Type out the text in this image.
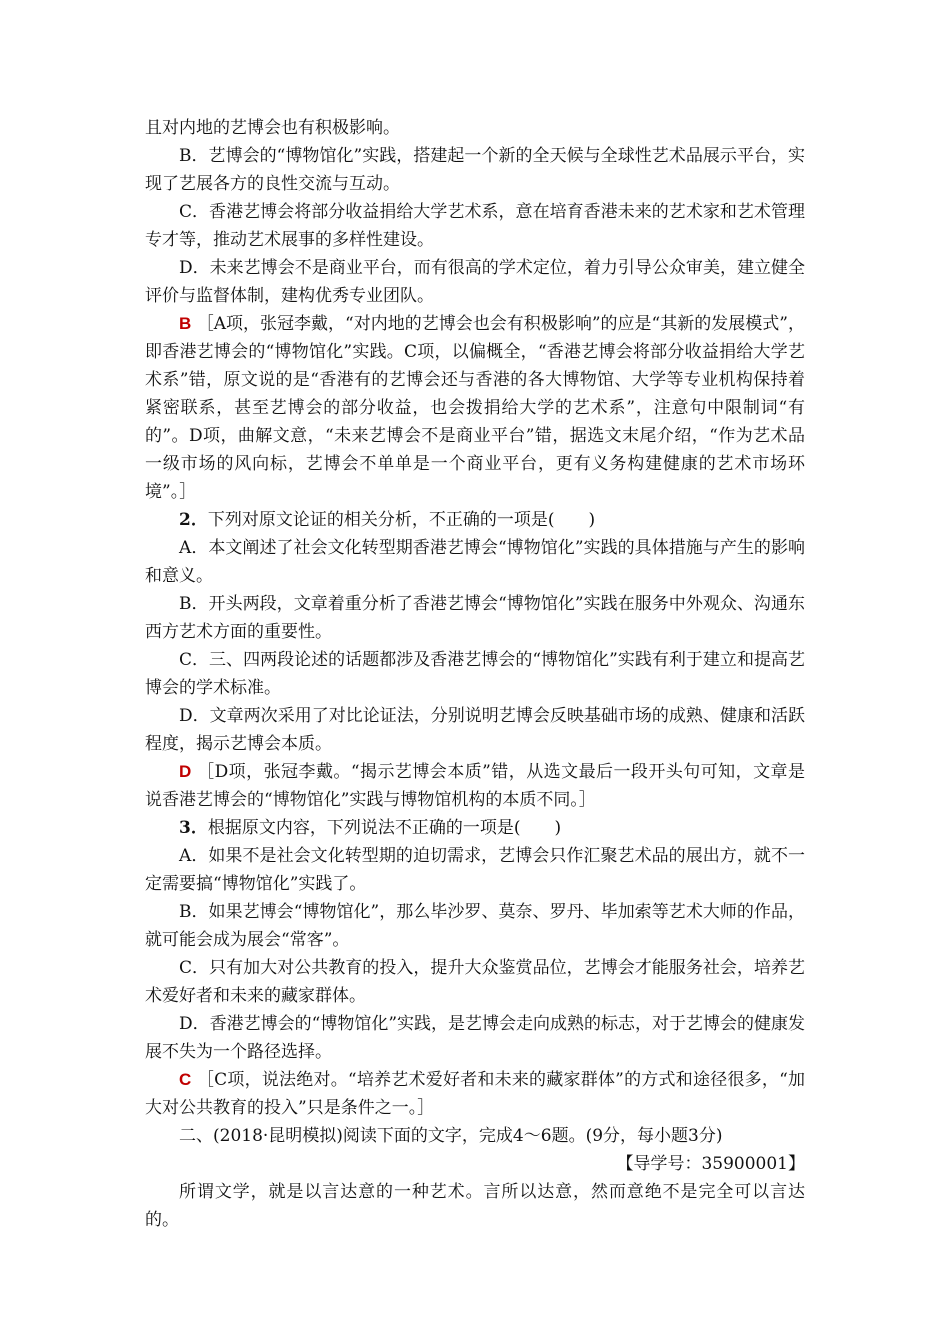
且对内地的艺博会也有积极影响。

B．艺博会的“博物馆化”实践，搭建起一个新的全天候与全球性艺术品展示平台，实现了艺展各方的良性交流与互动。

C．香港艺博会将部分收益捐给大学艺术系，意在培育香港未来的艺术家和艺术管理专才等，推动艺术展事的多样性建设。

D．未来艺博会不是商业平台，而有很高的学术定位，着力引导公众审美，建立健全评价与监督体制，建构优秀专业团队。

B ［A项，张冠李戴，“对内地的艺博会也会有积极影响”的应是“其新的发展模式”，即香港艺博会的“博物馆化”实践。C项，以偏概全，“香港艺博会将部分收益捐给大学艺术系”错，原文说的是“香港有的艺博会还与香港的各大博物馆、大学等专业机构保持着紧密联系，甚至艺博会的部分收益，也会拨捐给大学的艺术系”，注意句中限制词“有的”。D项，曲解文意，“未来艺博会不是商业平台”错，据选文末尾介绍，“作为艺术品一级市场的风向标，艺博会不单单是一个商业平台，更有义务构建健康的艺术市场环境”。］

2．下列对原文论证的相关分析，不正确的一项是(　　)

A．本文阐述了社会文化转型期香港艺博会“博物馆化”实践的具体措施与产生的影响和意义。

B．开头两段，文章着重分析了香港艺博会“博物馆化”实践在服务中外观众、沟通东西方艺术方面的重要性。

C．三、四两段论述的话题都涉及香港艺博会的“博物馆化”实践有利于建立和提高艺博会的学术标准。

D．文章两次采用了对比论证法，分别说明艺博会反映基础市场的成熟、健康和活跃程度，揭示艺博会本质。

D ［D项，张冠李戴。“揭示艺博会本质”错，从选文最后一段开头句可知，文章是说香港艺博会的“博物馆化”实践与博物馆机构的本质不同。］

3．根据原文内容，下列说法不正确的一项是(　　)

A．如果不是社会文化转型期的迫切需求，艺博会只作汇聚艺术品的展出方，就不一定需要搞“博物馆化”实践了。

B．如果艺博会“博物馆化”，那么毕沙罗、莫奈、罗丹、毕加索等艺术大师的作品，就可能会成为展会“常客”。

C．只有加大对公共教育的投入，提升大众鉴赏品位，艺博会才能服务社会，培养艺术爱好者和未来的藏家群体。

D．香港艺博会的“博物馆化”实践，是艺博会走向成熟的标志，对于艺博会的健康发展不失为一个路径选择。

C ［C项，说法绝对。“培养艺术爱好者和未来的藏家群体”的方式和途径很多，“加大对公共教育的投入”只是条件之一。］

二、(2018·昆明模拟)阅读下面的文字，完成4～6题。(9分，每小题3分)

【导学号：35900001】

所谓文学，就是以言达意的一种艺术。言所以达意，然而意绝不是完全可以言达的。
